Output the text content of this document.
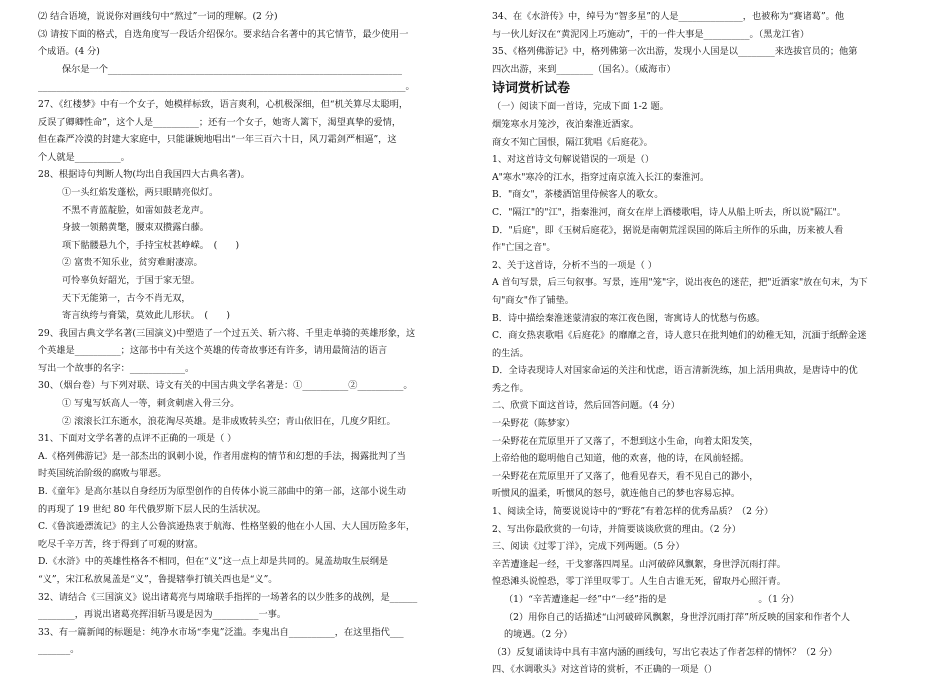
⑵ 结合语境，说说你对画线句中“熬过”一词的理解。(2 分)
⑶ 请按下面的格式，自选角度写一段话介绍保尔。要求结合名著中的其它情节，最少使用一
个成语。(4 分)
保尔是一个________________________________________________________________
________________________________________________________________________________。
27、《红楼梦》中有一个女子，她模样标致，语言爽利，心机极深细，但“机关算尽太聪明，
反误了卿卿性命”，这个人是__________；还有一个女子，她寄人篱下，渴望真挚的爱情，
但在森严冷漠的封建大家庭中，只能谦婉地唱出“一年三百六十日，风刀霜剑严相逼”，这
个人就是__________。
28、根据诗句判断人物(均出自我国四大古典名著)。
①一头红焰发蓬松，两只眼睛亮似灯。
不黑不青蓝靛脸，如雷如鼓老龙声。
身披一领鹅黄氅，腰束双攒露白藤。
项下骷髅悬九个，手持宝杖甚峥嵘。　(　　)
② 富贵不知乐业，贫穷难耐凄凉。
可怜辜负好韶光，于国于家无望。
天下无能第一，古今不肖无双，
寄言纨绔与膏粱，莫效此儿形状。　(　　)
29、我国古典文学名著(三国演义)中塑造了一个过五关、斩六将、千里走单骑的英雄形象，这
个英雄是__________；这部书中有关这个英雄的传奇故事还有许多，请用最简洁的语言
写出一个故事的名字：____________。
30、（烟台卷）与下列对联、诗文有关的中国古典文学名著是：①__________②__________。
① 写鬼写妖高人一等，刺贪刺虐入骨三分。
② 滚滚长江东逝水，浪花淘尽英雄。是非成败转头空；青山依旧在，几度夕阳红。
31、下面对文学名著的点评不正确的一项是（ ）
A.《格列佛游记》是一部杰出的讽刺小说，作者用虚构的情节和幻想的手法，揭露批判了当
时英国统治阶级的腐败与罪恶。
B.《童年》是高尔基以自身经历为原型创作的自传体小说三部曲中的第一部，这部小说生动
的再现了 19 世纪 80 年代俄罗斯下层人民的生活状况。
C.《鲁滨逊漂流记》的主人公鲁滨逊热衷于航海、性格坚毅的他在小人国、大人国历险多年，
吃尽千辛万苦，终于得到了可观的财富。
D.《水浒》中的英雄性格各不相同，但在“义”这一点上却是共同的。晁盖劫取生辰纲是
“义”，宋江私放晁盖是“义”，鲁提辖拳打镇关西也是“义”。
32、请结合《三国演义》说出诸葛亮与周瑜联手指挥的一场著名的以少胜多的战例，是______
________，再说出诸葛亮挥泪斩马谡是因为__________一事。
33、有一篇新闻的标题是：纯净水市场“李鬼”泛滥。李鬼出自__________，在这里指代___
_______。
34、在《水浒传》中，绰号为“智多星”的人是______________，也被称为“赛诸葛”。他
与一伙儿好汉在“黄泥冈上巧施动”，干的一件大事是__________。（黑龙江省）
35、《格列佛游记》中，格列佛第一次出游，发现小人国是以________来选拔官员的；他第
四次出游，来到________（国名）。（威海市）
诗词赏析试卷
（一）阅读下面一首诗，完成下面 1-2 题。
烟笼寒水月笼沙，夜泊秦淮近酒家。
商女不知亡国恨，隔江犹唱《后庭花》。
1、对这首诗文句解说错误的一项是（）
A"寒水"寒冷的江水，指穿过南京流入长江的秦淮河。
B．"商女"，茶楼酒馆里侍候客人的歌女。
C．"隔江"的"江"，指秦淮河，商女在岸上酒楼歌唱，诗人从船上听去，所以说"隔江"。
D．"后庭"，即《玉树后庭花》，据说是南朝荒淫误国的陈后主所作的乐曲，历来被人看
作"亡国之音"。
2、关于这首诗，分析不当的一项是（ ）
A 首句写景，后三句叙事。写景，连用"笼"字，说出夜色的迷茫，把"近酒家"放在句末，为下
句"商女"作了铺垫。
B．诗中描绘秦淮迷蒙清寂的寒江夜色图，寄寓诗人的忧愁与伤感。
C．商女热衷歌唱《后庭花》的靡靡之音，诗人意只在批判她们的幼稚无知，沉湎于纸醉金迷
的生活。
D．全诗表现诗人对国家命运的关注和忧虑，语言清新洗练，加上活用典故，是唐诗中的优
秀之作。
二、欣赏下面这首诗，然后回答问题。（4 分）
一朵野花（陈梦家）
一朵野花在荒原里开了又落了，不想到这小生命，向着太阳发笑，
上帝给他的聪明他自己知道，他的欢喜，他的诗，在风前轻摇。
一朵野花在荒原里开了又落了，他看见春天，看不见自己的渺小，
听惯风的温柔，听惯风的怒号，就连他自己的梦也容易忘掉。
1、阅读全诗，简要说说诗中的“野花”有着怎样的优秀品质？（2 分）
2、写出你最欣赏的一句诗，并简要谈谈欣赏的理由。（2 分）
三、阅读《过零丁洋》，完成下列两题。（5 分）
辛苦遭逢起一经，干戈寥落四周星。山河破碎风飘絮，身世浮沉雨打萍。
惶恐滩头说惶恐，零丁洋里叹零丁。人生自古谁无死，留取丹心照汗青。
（1）“辛苦遭逢起一经”中“一经”指的是　　　　　　　　　　。（1 分）
（2）用你自己的话描述“山河破碎风飘絮，身世浮沉雨打萍”所反映的国家和作者个人
的境遇。（2 分）
（3）反复诵读诗中具有丰富内涵的画线句，写出它表达了作者怎样的情怀？（2 分）
四、《水调歌头》对这首诗的赏析，不正确的一项是（）
